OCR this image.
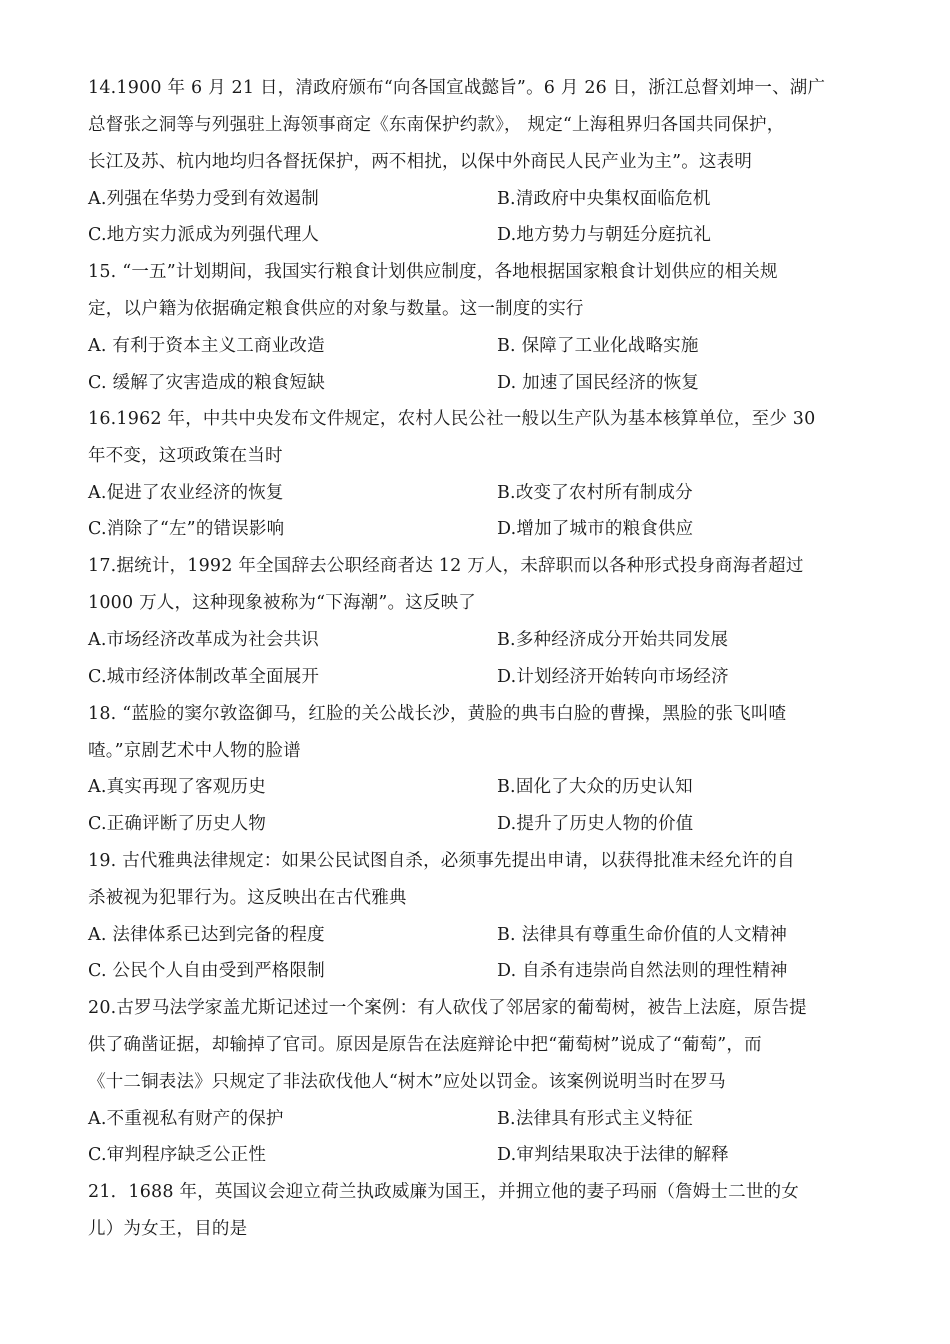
14.1900 年 6 月 21 日，清政府颁布“向各国宣战懿旨”。6 月 26 日，浙江总督刘坤一、湖广
总督张之洞等与列强驻上海领事商定《东南保护约款》， 规定“上海租界归各国共同保护，
长江及苏、杭内地均归各督抚保护，两不相扰，以保中外商民人民产业为主”。这表明
A.列强在华势力受到有效遏制	B.清政府中央集权面临危机
C.地方实力派成为列强代理人	D.地方势力与朝廷分庭抗礼
15. “一五”计划期间，我国实行粮食计划供应制度，各地根据国家粮食计划供应的相关规
定，以户籍为依据确定粮食供应的对象与数量。这一制度的实行
A. 有利于资本主义工商业改造	B. 保障了工业化战略实施
C. 缓解了灾害造成的粮食短缺	D. 加速了国民经济的恢复
16.1962 年，中共中央发布文件规定，农村人民公社一般以生产队为基本核算单位，至少 30
年不变，这项政策在当时
A.促进了农业经济的恢复	B.改变了农村所有制成分
C.消除了“左”的错误影响	D.增加了城市的粮食供应
17.据统计，1992 年全国辞去公职经商者达 12 万人，未辞职而以各种形式投身商海者超过
1000 万人，这种现象被称为“下海潮”。这反映了
A.市场经济改革成为社会共识	B.多种经济成分开始共同发展
C.城市经济体制改革全面展开	D.计划经济开始转向市场经济
18. “蓝脸的窦尔敦盗御马，红脸的关公战长沙，黄脸的典韦白脸的曹操，黑脸的张飞叫喳
喳。”京剧艺术中人物的脸谱
A.真实再现了客观历史	B.固化了大众的历史认知
C.正确评断了历史人物	D.提升了历史人物的价值
19. 古代雅典法律规定：如果公民试图自杀，必须事先提出申请，以获得批准未经允许的自
杀被视为犯罪行为。这反映出在古代雅典
A. 法律体系已达到完备的程度	B. 法律具有尊重生命价值的人文精神
C. 公民个人自由受到严格限制	D. 自杀有违崇尚自然法则的理性精神
20.古罗马法学家盖尤斯记述过一个案例：有人砍伐了邻居家的葡萄树，被告上法庭，原告提
供了确凿证据，却输掉了官司。原因是原告在法庭辩论中把“葡萄树”说成了“葡萄”，而
《十二铜表法》只规定了非法砍伐他人“树木”应处以罚金。该案例说明当时在罗马
A.不重视私有财产的保护	B.法律具有形式主义特征
C.审判程序缺乏公正性	D.审判结果取决于法律的解释
21．1688 年，英国议会迎立荷兰执政威廉为国王，并拥立他的妻子玛丽（詹姆士二世的女
儿）为女王，目的是
